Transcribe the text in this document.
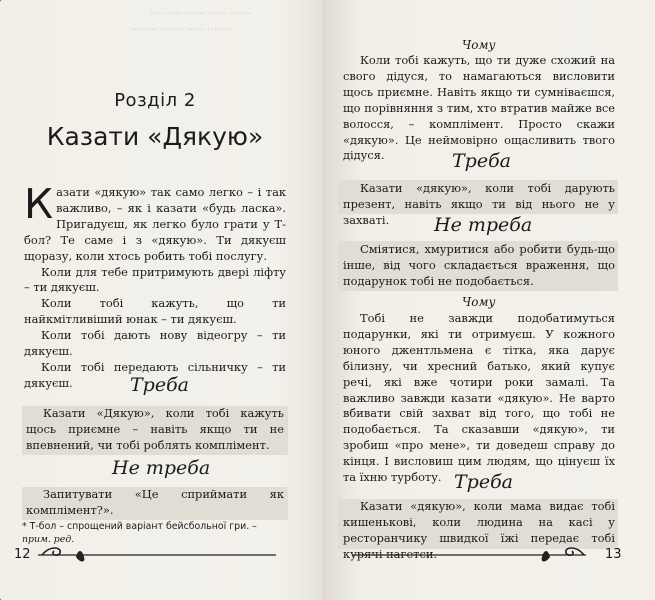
··· ····· ······ ····· ······
········ ······ ····· ·······
Розділ 2
Казати «Дякую»

Казати «дякую» так само легко – і так важливо, – як і казати «будь ласка». Пригадуєш, як легко було грати у Т-бол? Те саме і з «дякую». Ти дякуєш щоразу, коли хтось робить тобі послугу.

Коли для тебе притримують двері ліфту – ти дякуєш.

Коли тобі кажуть, що ти найкмітливіший юнак – ти дякуєш.

Коли тобі дають нову відеогру – ти дякуєш.

Коли тобі передають сільничку – ти дякуєш.	Треба

Казати «Дякую», коли тобі кажуть щось приємне – навіть якщо ти не впевнений, чи тобі роблять комплімент.

Не треба

Запитувати «Це сприймати як комплімент?».

* Т-бол – спрощений варіант бейсбольної гри. – прим. ред.
12
Чому

Коли тобі кажуть, що ти дуже схожий на свого дідуся, то намагаються висловити щось приємне. Навіть якщо ти сумніваєшся, що порівняння з тим, хто втратив майже все волосся, – комплімент. Просто скажи «дякую». Це неймовірно ощасливить твого дідуся.	Треба

Казати «дякую», коли тобі дарують презент, навіть якщо ти від нього не у захваті.	Не треба

Сміятися, хмуритися або робити будь-що інше, від чого складається враження, що подарунок тобі не подобається.

Чому

Тобі не завжди подобатимуться подарунки, які ти отримуєш. У кожного юного джентльмена є тітка, яка дарує білизну, чи хресний батько, який купує речі, які вже чотири роки замалі. Та важливо завжди казати «дякую». Не варто вбивати свій захват від того, що тобі не подобається. Та сказавши «дякую», ти зробиш «про мене», ти доведеш справу до кінця. І висловиш цим людям, що цінуєш їх та їхню турботу. Треба

Казати «дякую», коли мама видає тобі кишенькові, коли людина на касі у ресторанчику швидкої їжі передає тобі курячі нагетси.	13
